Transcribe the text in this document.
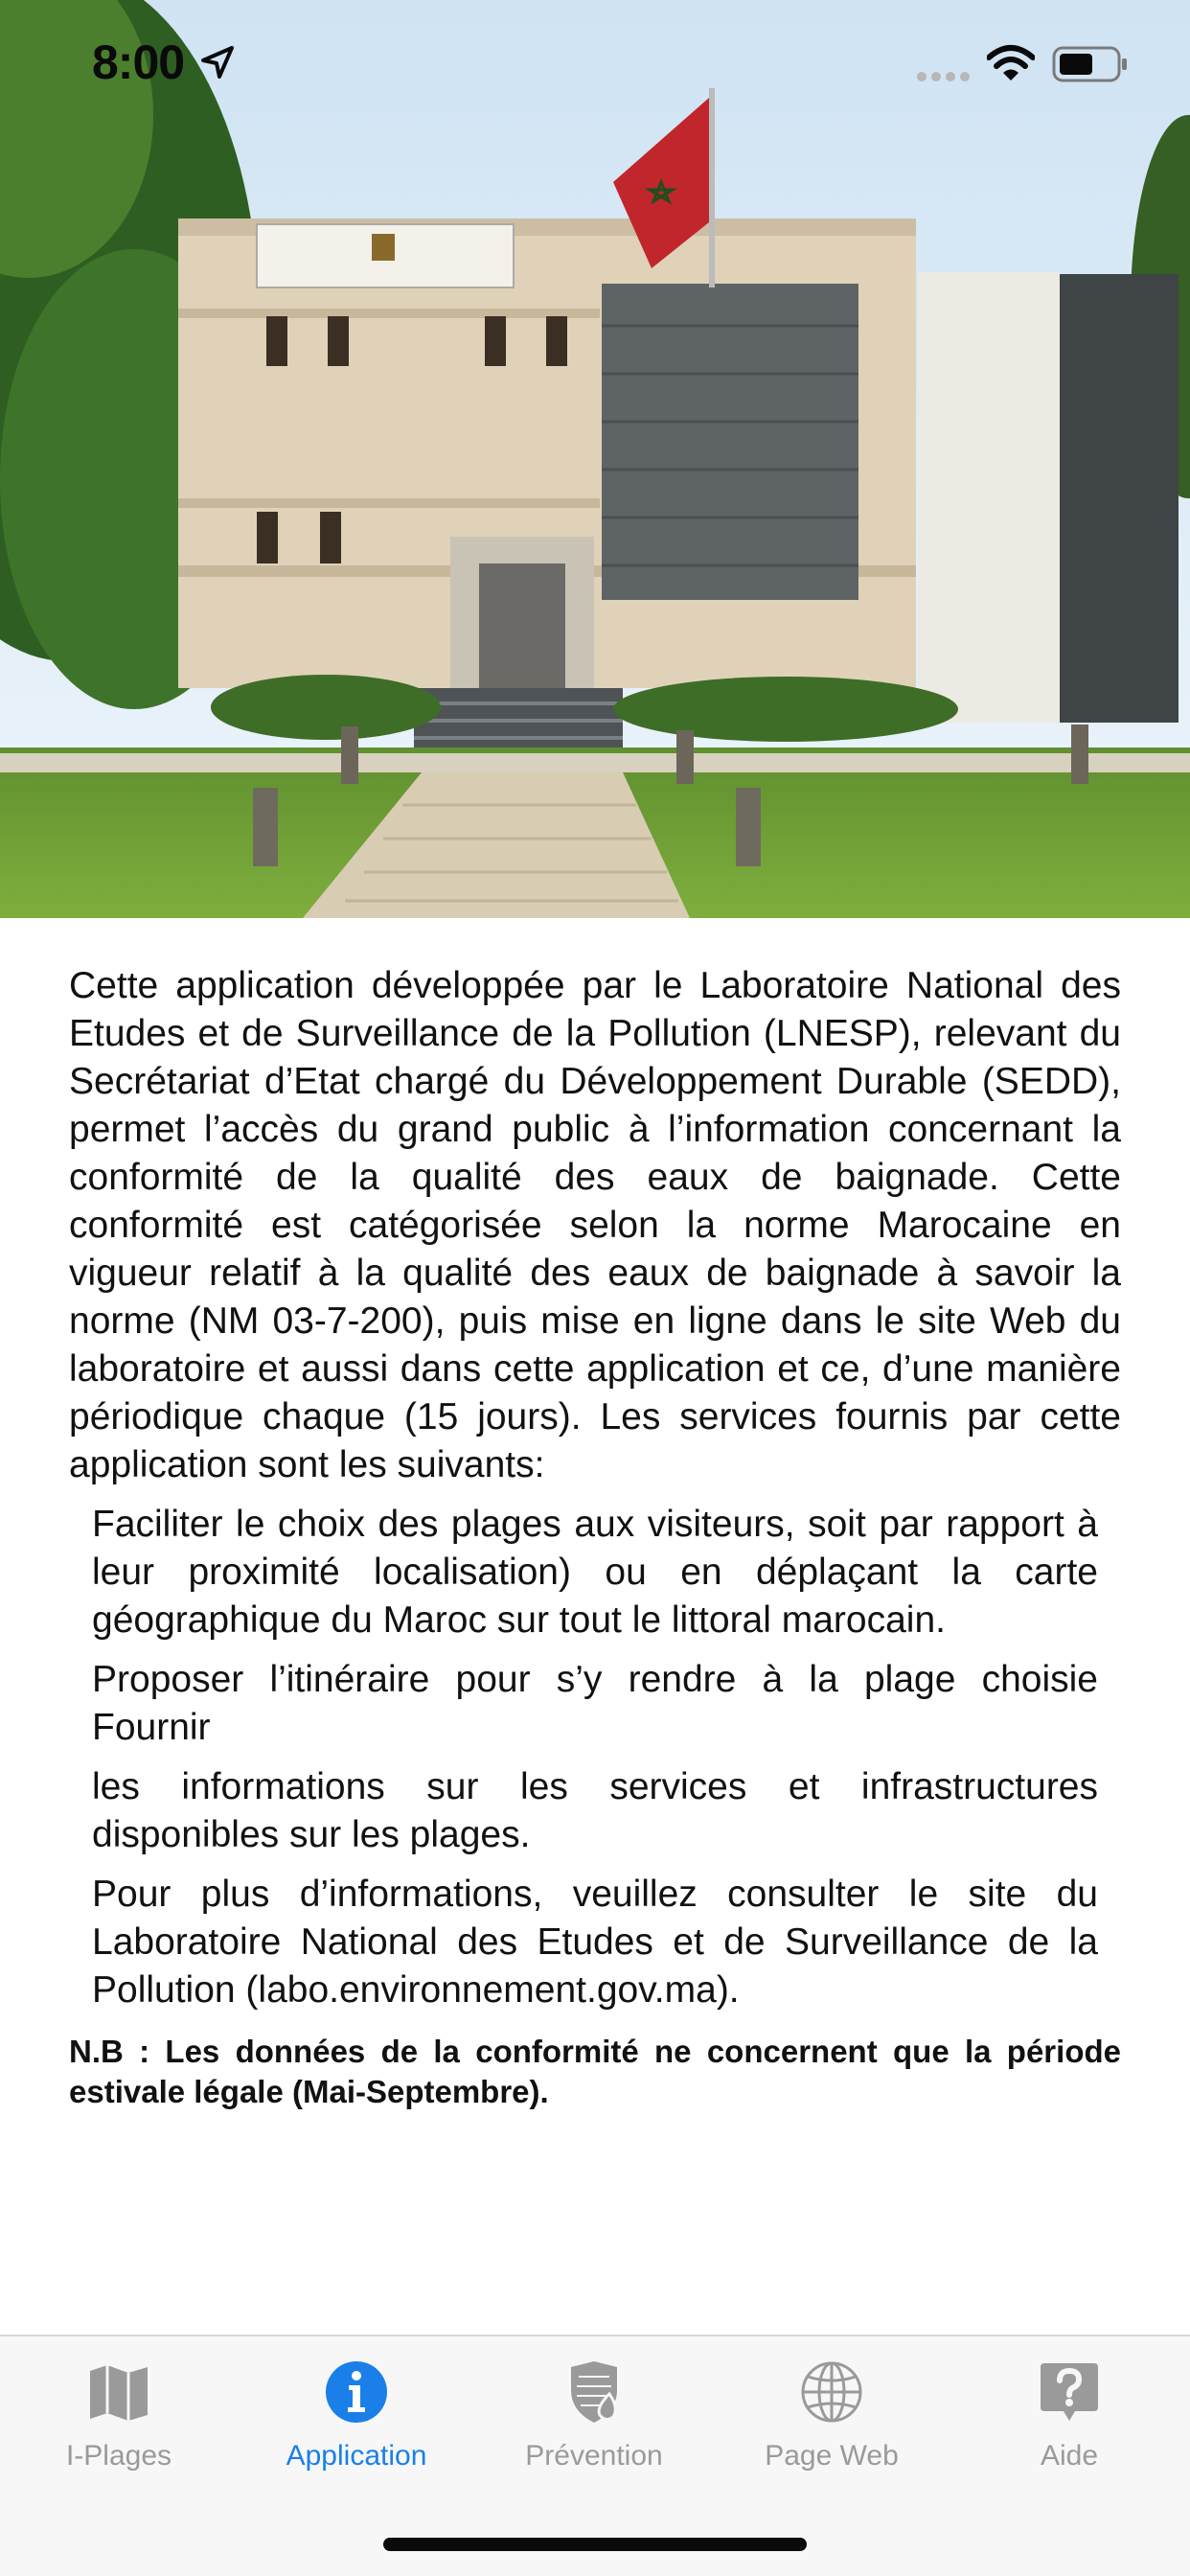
8:00

Cette application développée par le Laboratoire National des Etudes et de Surveillance de la Pollution (LNESP), relevant du Secrétariat d’Etat chargé du Développement Durable (SEDD), permet l’accès du grand public à l’information concernant la conformité de la qualité des eaux de baignade. Cette conformité est catégorisée selon la norme Marocaine en vigueur relatif à la qualité des eaux de baignade à savoir la norme (NM 03-7-200), puis mise en ligne dans le site Web du laboratoire et aussi dans cette application et ce, d’une manière périodique chaque (15 jours). Les services fournis par cette application sont les suivants:

Faciliter le choix des plages aux visiteurs, soit par rapport à leur proximité localisation) ou en déplaçant la carte géographique du Maroc sur tout le littoral marocain.

Proposer l’itinéraire pour s’y rendre à la plage choisie Fournir

les informations sur les services et infrastructures disponibles sur les plages.

Pour plus d’informations, veuillez consulter le site du Laboratoire National des Etudes et de Surveillance de la Pollution (labo.environnement.gov.ma).

N.B : Les données de la conformité ne concernent que la période estivale légale (Mai-Septembre).

I-Plages	Application	Prévention	Page Web	Aide
